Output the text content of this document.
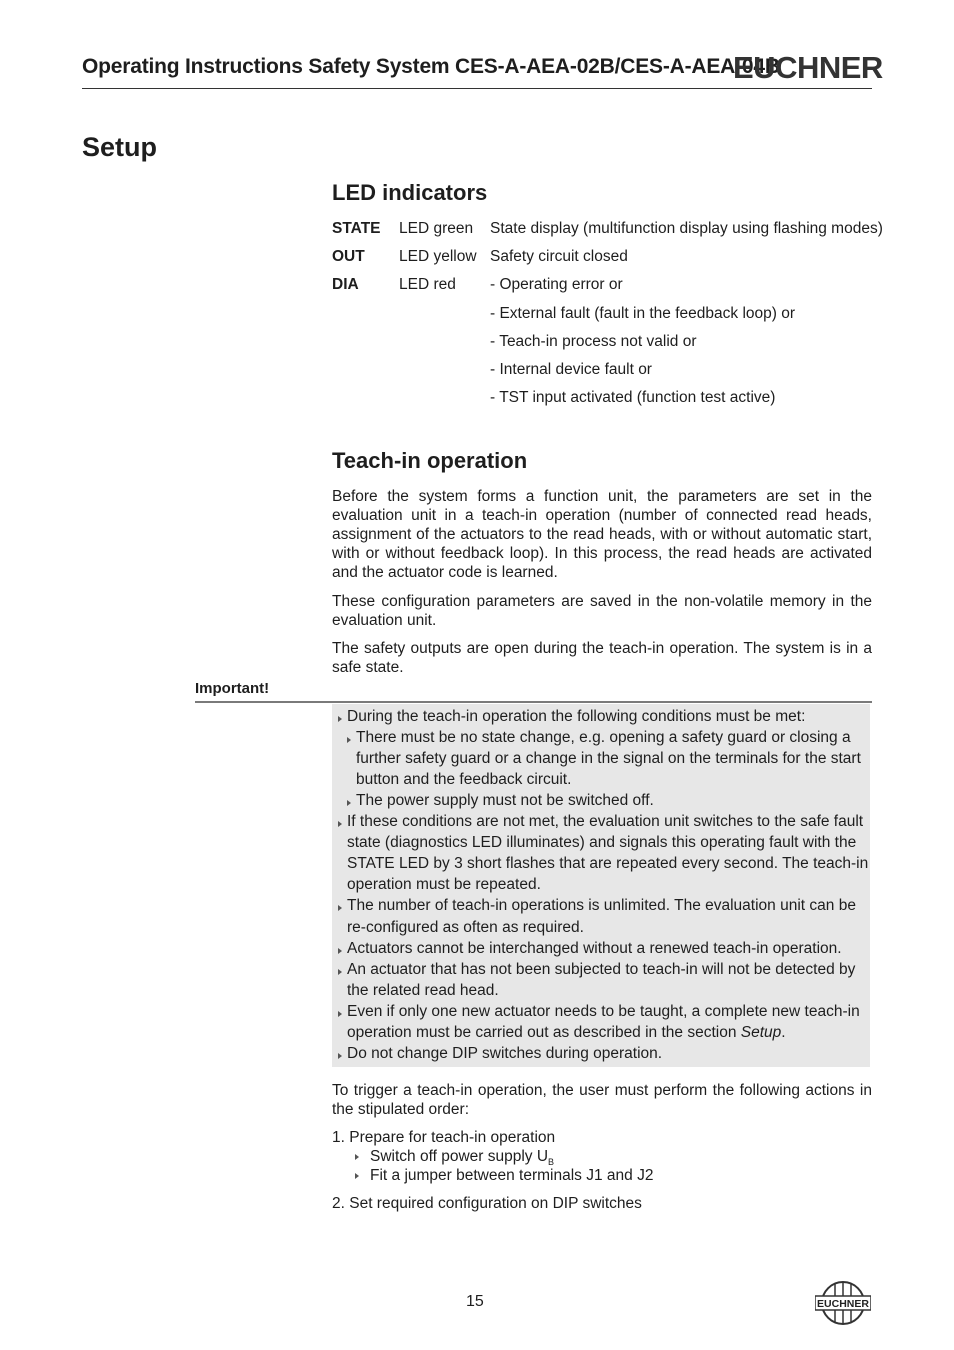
Operating Instructions Safety System CES-A-AEA-02B/CES-A-AEA-04B
EUCHNER
Setup
LED indicators
STATE LED green State display (multifunction display using flashing modes)
OUT LED yellow Safety circuit closed
DIA	LED red - Operating error or
- External fault (fault in the feedback loop) or
- Teach-in process not valid or
- Internal device fault or
- TST input activated (function test active)
Teach-in operation

Before the system forms a function unit, the parameters are set in the evaluation unit in a teach-in operation (number of connected read heads, assignment of the actuators to the read heads, with or without automatic start, with or without feedback loop). In this process, the read heads are activated and the actuator code is learned.

These configuration parameters are saved in the non-volatile memory in the evaluation unit.

The safety outputs are open during the teach-in operation. The system is in a safe state.

Important!
During the teach-in operation the following conditions must be met:
There must be no state change, e.g. opening a safety guard or closing a
further safety guard or a change in the signal on the terminals for the start
button and the feedback circuit.
The power supply must not be switched off.
If these conditions are not met, the evaluation unit switches to the safe fault
state (diagnostics LED illuminates) and signals this operating fault with the
STATE LED by 3 short flashes that are repeated every second. The teach-in
operation must be repeated.
The number of teach-in operations is unlimited. The evaluation unit can be
re-configured as often as required.
Actuators cannot be interchanged without a renewed teach-in operation.
An actuator that has not been subjected to teach-in will not be detected by
the related read head.
Even if only one new actuator needs to be taught, a complete new teach-in
operation must be carried out as described in the section Setup.
Do not change DIP switches during operation.

To trigger a teach-in operation, the user must perform the following actions in the stipulated order:

1. Prepare for teach-in operation
Switch off power supply $U_B$
Fit a jumper between terminals J1 and J2
2. Set required configuration on DIP switches
15	EUCHNER
